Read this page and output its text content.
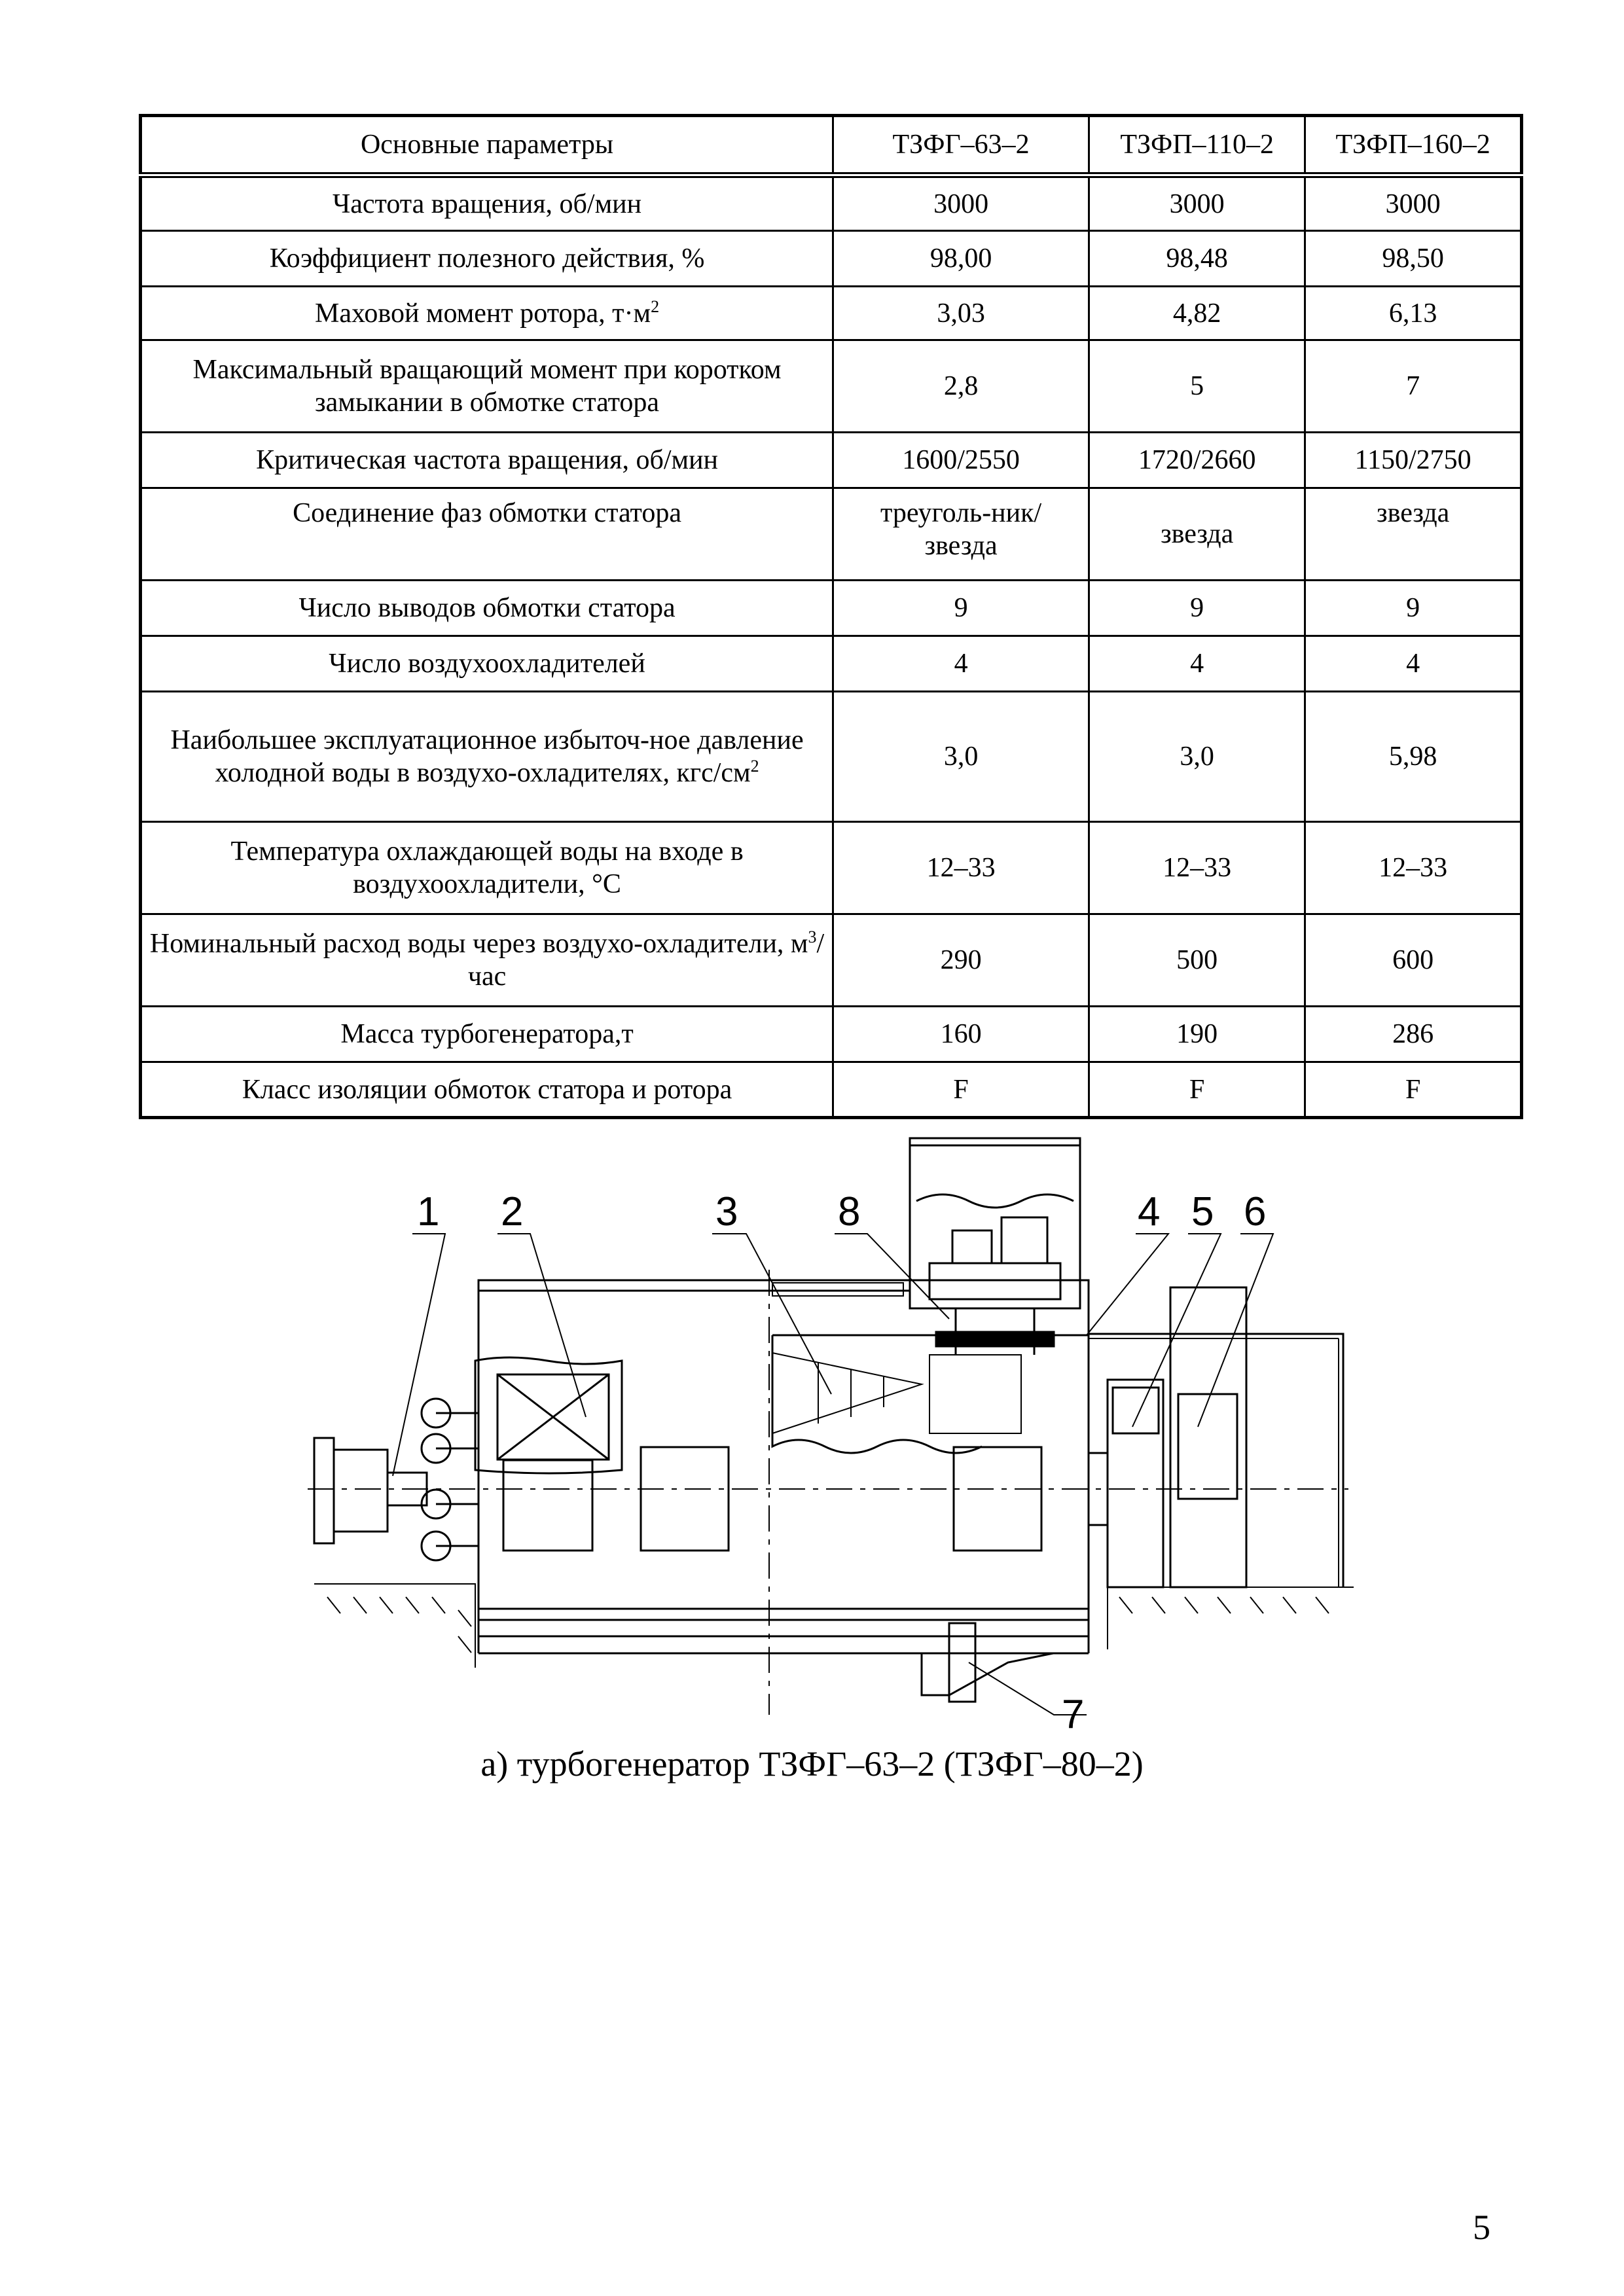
Основные параметры	ТЗФГ–63–2	ТЗФП–110–2	ТЗФП–160–2
Частота вращения, об/мин	3000	3000	3000
Коэффициент полезного действия, %	98,00	98,48	98,50
Маховой момент ротора, $т\cdot м^2$	3,03	4,82	6,13
Максимальный вращающий момент при коротком замыкании в обмотке статора	2,8	5	7
Критическая частота вращения, об/мин	1600/2550	1720/2660	1150/2750
Соединение фаз обмотки статора	треуголь-ник/звезда	звезда	звезда
Число выводов обмотки статора	9	9	9
Число воздухоохладителей	4	4	4
Наибольшее эксплуатационное избыточ-ное давление холодной воды в воздухо-охладителях, кгс/$см^2$	3,0	3,0	5,98
Температура охлаждающей воды на входе в воздухоохладители, °С	12–33	12–33	12–33
Номинальный расход воды через воздухо-охладители, $м^3$/час	290	500	600
Масса турбогенератора,т	160	190	286
Класс изоляции обмоток статора и ротора	F	F	F
1 2	3 8	4 5 6
7
а) турбогенератор ТЗФГ–63–2 (ТЗФГ–80–2)
5
